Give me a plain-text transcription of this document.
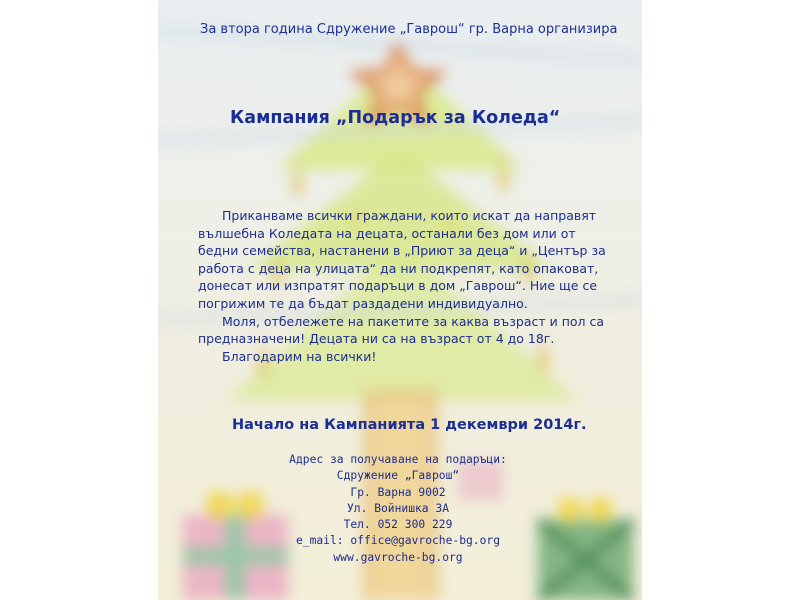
За втора година Сдружение „Гаврош“ гр. Варна организира
Кампания „Подарък за Коледа“

Приканваме всички граждани, които искат да направят вълшебна Коледата на децата, останали без дом или от бедни семейства, настанени в „Приют за деца“ и „Център за работа с деца на улицата“ да ни подкрепят, като опаковат, донесат или изпратят подаръци в дом „Гаврош“. Ние ще се погрижим те да бъдат раздадени индивидуално.

Моля, отбележете на пакетите за каква възраст и пол са предназначени! Децата ни са на възраст от 4 до 18г.

Благодарим на всички!

Начало на Кампанията 1 декември 2014г.
Адрес за получаване на подаръци:
Сдружение „Гаврош“
Гр. Варна 9002
Ул. Войнишка 3А
Тел. 052 300 229
e_mail: office@gavroche-bg.org
www.gavroche-bg.org
